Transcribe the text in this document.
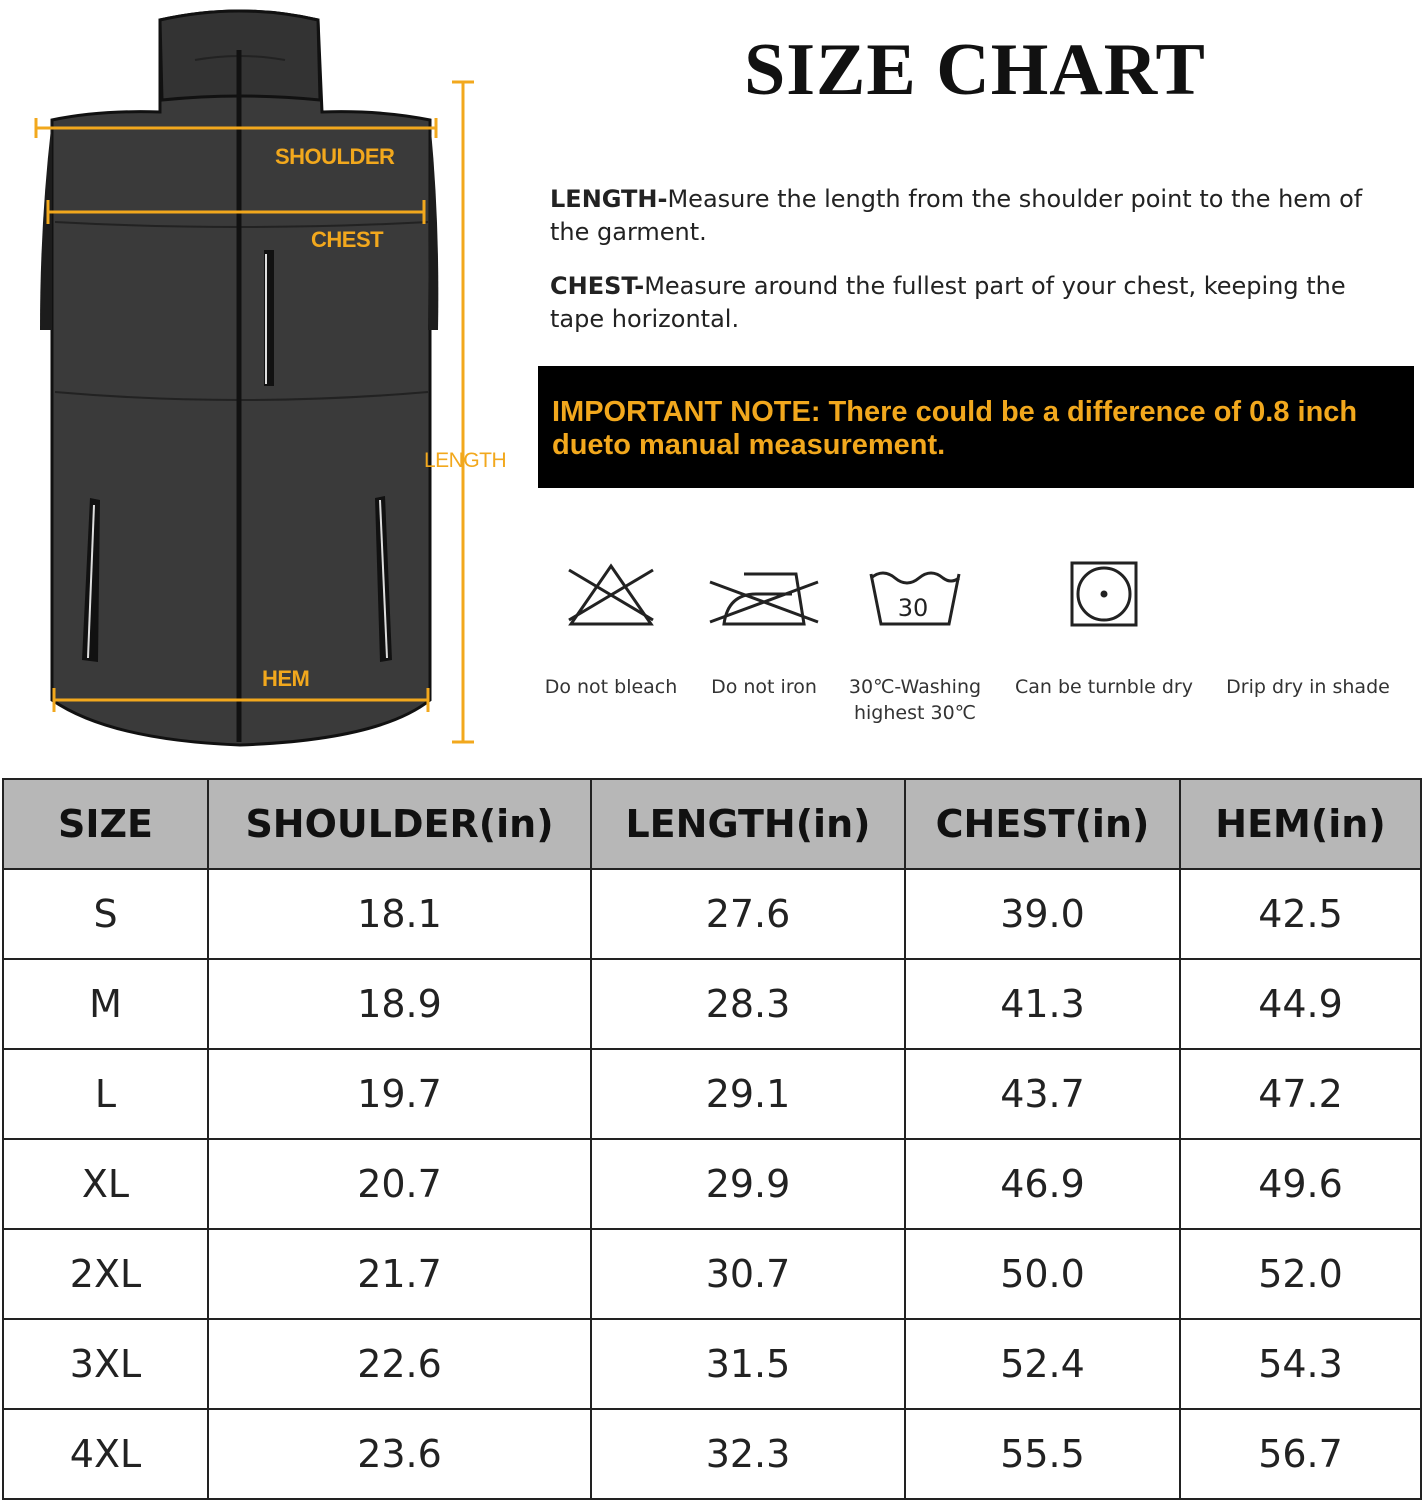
SHOULDER
CHEST
HEM
LENGTH
SIZE CHART
LENGTH-Measure the length from the shoulder point to the hem of the garment.
CHEST-Measure around the fullest part of your chest, keeping the tape horizontal.
IMPORTANT NOTE: There could be a difference of 0.8 inch dueto manual measurement.
Do not bleach	Do not iron
30
30℃-Washing
highest 30℃
Can be turnble dry	Drip dry in shade
SIZE	SHOULDER(in)	LENGTH(in)	CHEST(in)	HEM(in)
S	18.1	27.6	39.0	42.5
M	18.9	28.3	41.3	44.9
L	19.7	29.1	43.7	47.2
XL	20.7	29.9	46.9	49.6
2XL	21.7	30.7	50.0	52.0
3XL	22.6	31.5	52.4	54.3
4XL	23.6	32.3	55.5	56.7
